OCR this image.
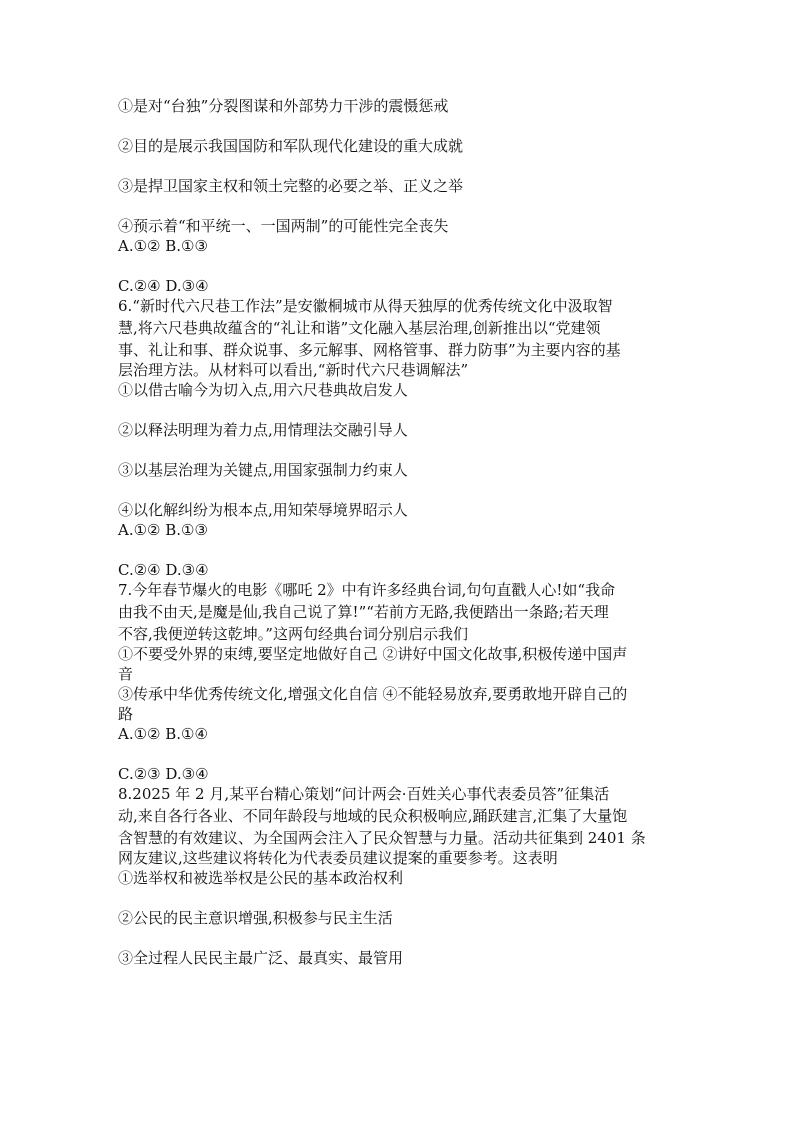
①是对“台独”分裂图谋和外部势力干涉的震慑惩戒
②目的是展示我国国防和军队现代化建设的重大成就
③是捍卫国家主权和领土完整的必要之举、正义之举
④预示着“和平统一、一国两制”的可能性完全丧失
A.①② B.①③
C.②④ D.③④
6.“新时代六尺巷工作法”是安徽桐城市从得天独厚的优秀传统文化中汲取智
慧,将六尺巷典故蕴含的“礼让和谐”文化融入基层治理,创新推出以“党建领
事、礼让和事、群众说事、多元解事、网格管事、群力防事”为主要内容的基
层治理方法。从材料可以看出,“新时代六尺巷调解法”
①以借古喻今为切入点,用六尺巷典故启发人
②以释法明理为着力点,用情理法交融引导人
③以基层治理为关键点,用国家强制力约束人
④以化解纠纷为根本点,用知荣辱境界昭示人
A.①② B.①③
C.②④ D.③④
7.今年春节爆火的电影《哪吒 2》中有许多经典台词,句句直戳人心!如“我命
由我不由天,是魔是仙,我自己说了算!”“若前方无路,我便踏出一条路;若天理
不容,我便逆转这乾坤。”这两句经典台词分别启示我们
①不要受外界的束缚,要坚定地做好自己 ②讲好中国文化故事,积极传递中国声
音
③传承中华优秀传统文化,增强文化自信 ④不能轻易放弃,要勇敢地开辟自己的
路
A.①② B.①④
C.②③ D.③④
8.2025 年 2 月,某平台精心策划“问计两会·百姓关心事代表委员答”征集活
动,来自各行各业、不同年龄段与地域的民众积极响应,踊跃建言,汇集了大量饱
含智慧的有效建议、为全国两会注入了民众智慧与力量。活动共征集到 2401 条
网友建议,这些建议将转化为代表委员建议提案的重要参考。这表明
①选举权和被选举权是公民的基本政治权利
②公民的民主意识增强,积极参与民主生活
③全过程人民民主最广泛、最真实、最管用
